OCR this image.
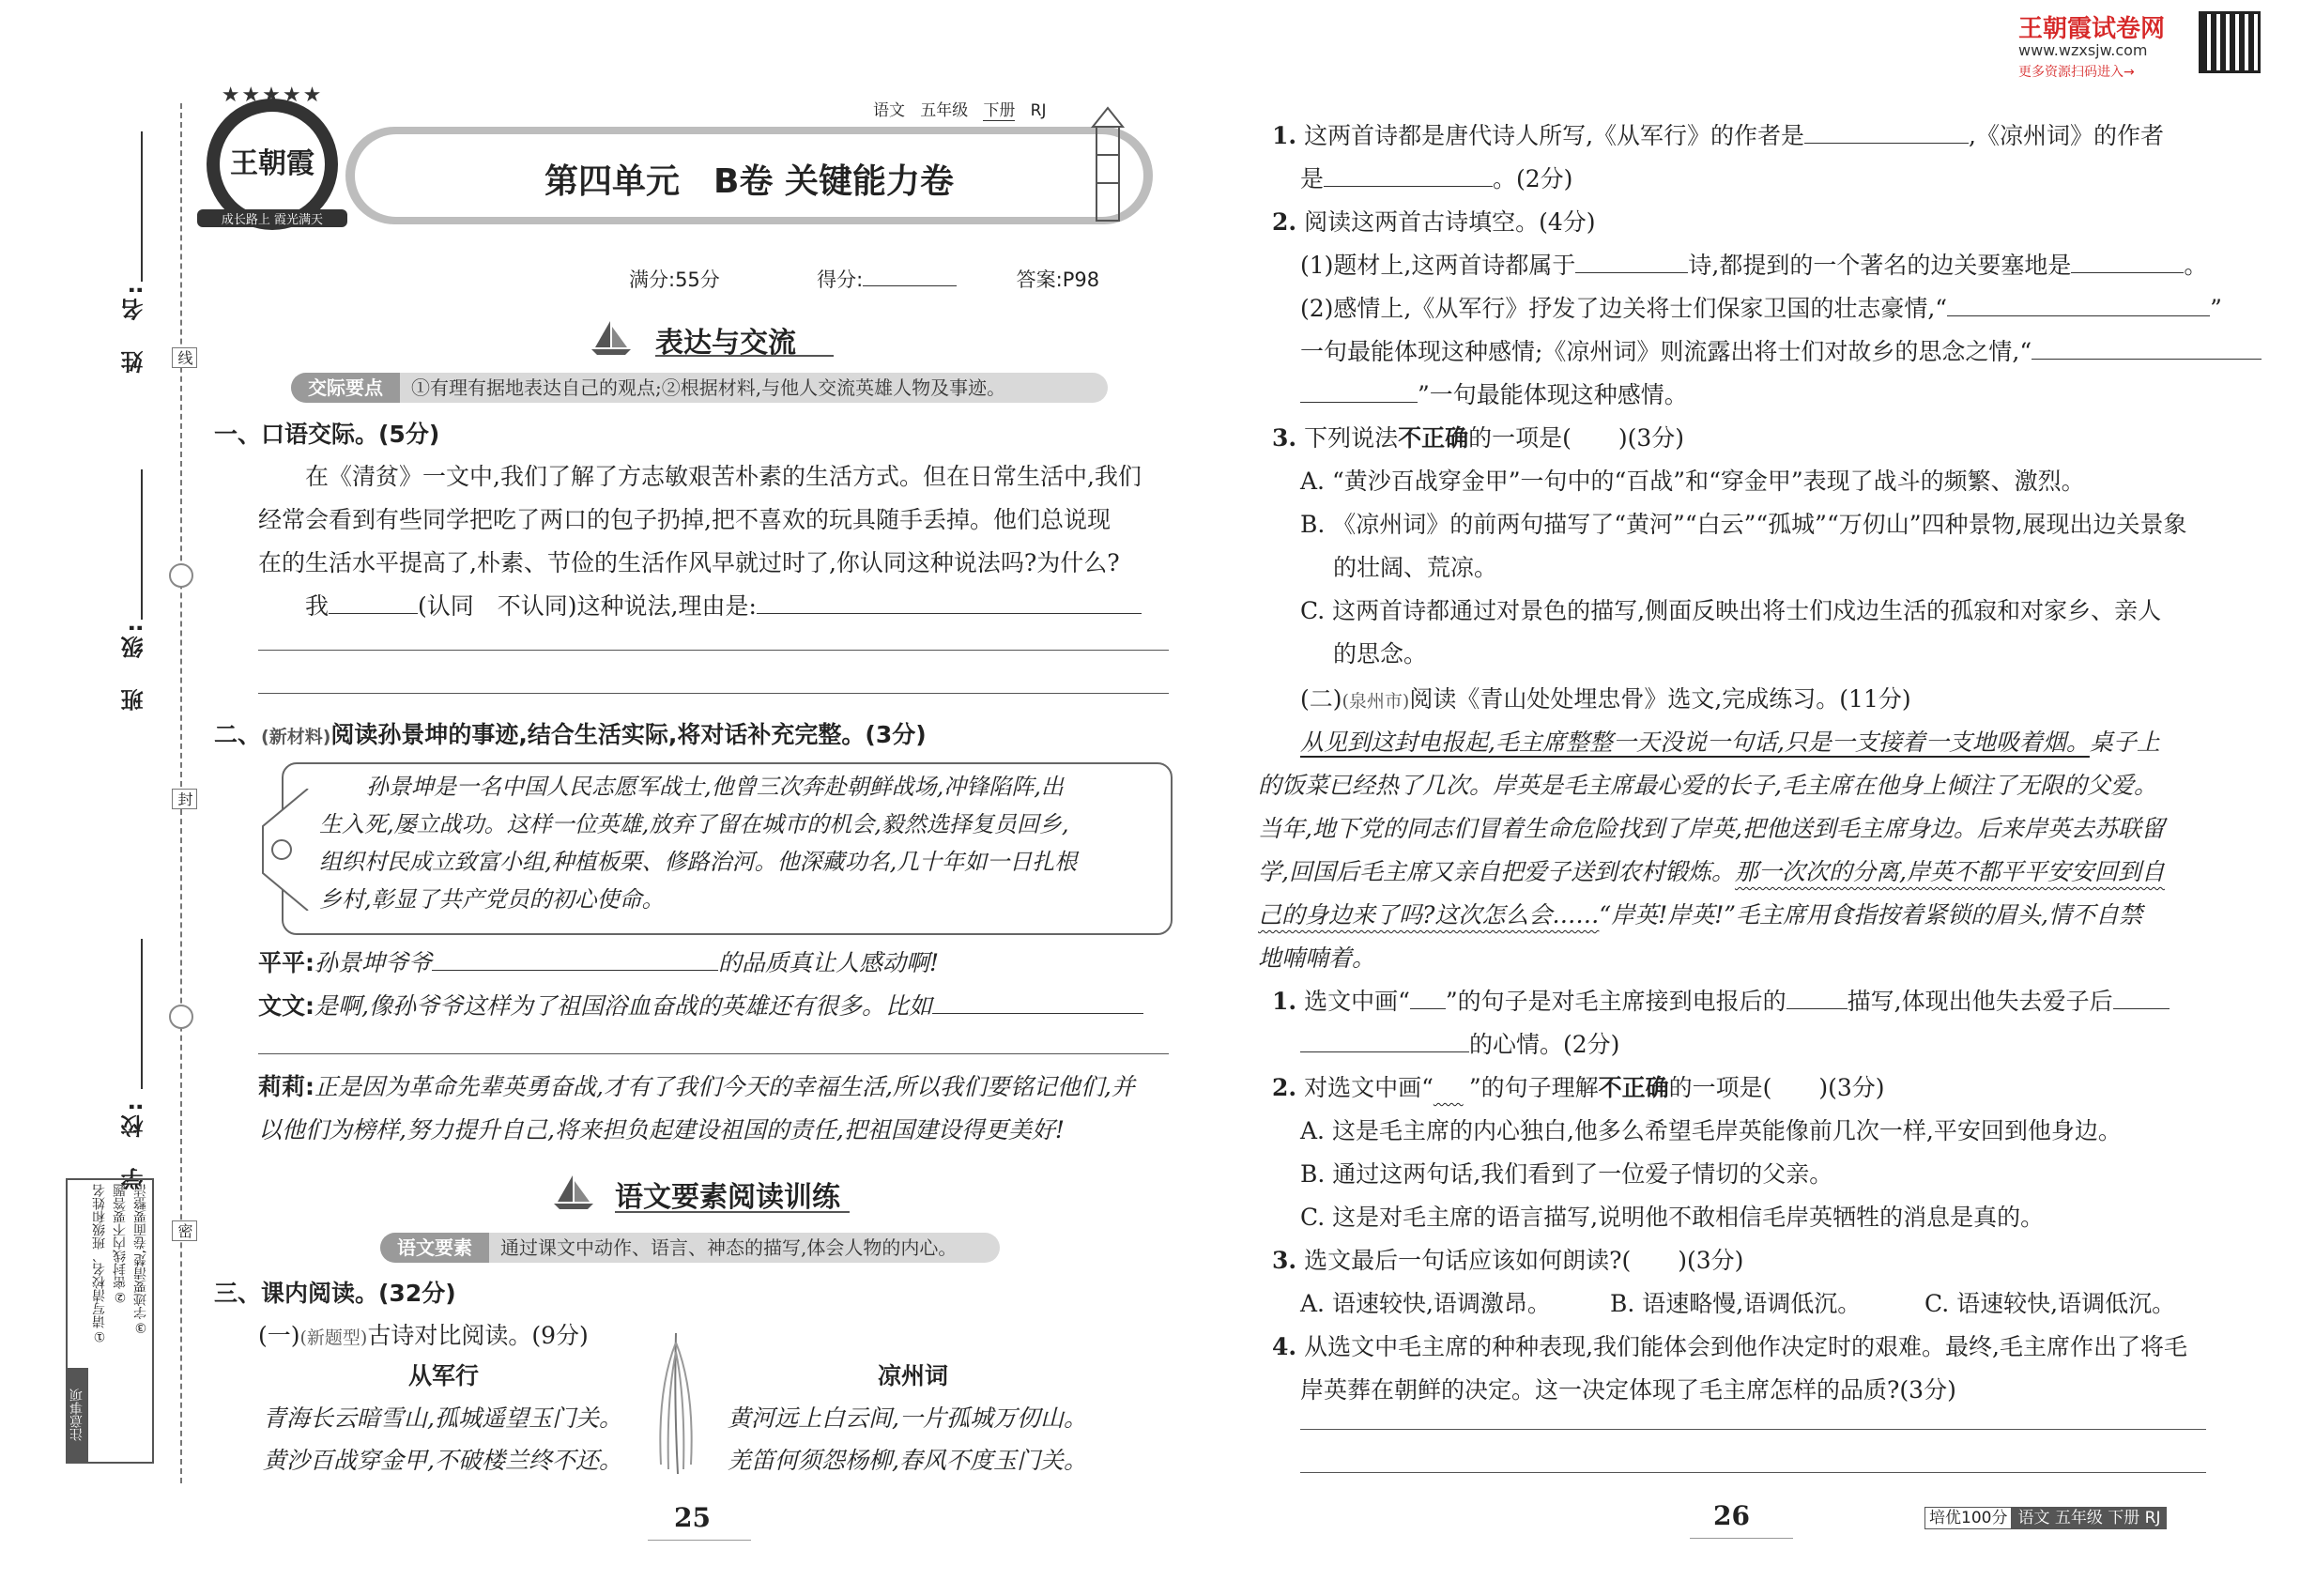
姓　名:
班　级:
学　校:
线
封
密
注意事项
①请写清校名、班级和姓名 ②密封线内不要答题 ③字迹要清楚,卷面要整洁
★★★★★
王朝霞
成长路上 霞光满天
第四单元　B卷 关键能力卷
语文 五年级 下册 RJ
满分:55分	得分:	答案:P98
表达与交流
交际要点 ①有理有据地表达自己的观点;②根据材料,与他人交流英雄人物及事迹。
一、口语交际。(5分)
在《清贫》一文中,我们了解了方志敏艰苦朴素的生活方式。但在日常生活中,我们
经常会看到有些同学把吃了两口的包子扔掉,把不喜欢的玩具随手丢掉。他们总说现
在的生活水平提高了,朴素、节俭的生活作风早就过时了,你认同这种说法吗?为什么?
我	(认同　不认同)这种说法,理由是:
二、(新材料)阅读孙景坤的事迹,结合生活实际,将对话补充完整。(3分)
孙景坤是一名中国人民志愿军战士,他曾三次奔赴朝鲜战场,冲锋陷阵,出
生入死,屡立战功。这样一位英雄,放弃了留在城市的机会,毅然选择复员回乡,
组织村民成立致富小组,种植板栗、修路治河。他深藏功名,几十年如一日扎根
乡村,彰显了共产党员的初心使命。
平平:孙景坤爷爷	的品质真让人感动啊!
文文:是啊,像孙爷爷这样为了祖国浴血奋战的英雄还有很多。比如
莉莉:正是因为革命先辈英勇奋战,才有了我们今天的幸福生活,所以我们要铭记他们,并
以他们为榜样,努力提升自己,将来担负起建设祖国的责任,把祖国建设得更美好!
语文要素阅读训练
语文要素 通过课文中动作、语言、神态的描写,体会人物的内心。
三、课内阅读。(32分)
(一)(新题型)古诗对比阅读。(9分)
从军行
青海长云暗雪山,孤城遥望玉门关。
黄沙百战穿金甲,不破楼兰终不还。
凉州词
黄河远上白云间,一片孤城万仞山。
羌笛何须怨杨柳,春风不度玉门关。
25
王朝霞试卷网
www.wzxsjw.com
更多资源扫码进入→
1. 这两首诗都是唐代诗人所写,《从军行》的作者是	,《凉州词》的作者
是	。(2分)
2. 阅读这两首古诗填空。(4分)
(1)题材上,这两首诗都属于	诗,都提到的一个著名的边关要塞地是	。
(2)感情上,《从军行》抒发了边关将士们保家卫国的壮志豪情,“	”
一句最能体现这种感情;《凉州词》则流露出将士们对故乡的思念之情,“
”一句最能体现这种感情。
3. 下列说法不正确的一项是(　　)(3分)
A. “黄沙百战穿金甲”一句中的“百战”和“穿金甲”表现了战斗的频繁、激烈。
B. 《凉州词》的前两句描写了“黄河”“白云”“孤城”“万仞山”四种景物,展现出边关景象
的壮阔、荒凉。
C. 这两首诗都通过对景色的描写,侧面反映出将士们戍边生活的孤寂和对家乡、亲人
的思念。
(二)(泉州市)阅读《青山处处埋忠骨》选文,完成练习。(11分)
从见到这封电报起,毛主席整整一天没说一句话,只是一支接着一支地吸着烟。桌子上
的饭菜已经热了几次。岸英是毛主席最心爱的长子,毛主席在他身上倾注了无限的父爱。
当年,地下党的同志们冒着生命危险找到了岸英,把他送到毛主席身边。后来岸英去苏联留
学,回国后毛主席又亲自把爱子送到农村锻炼。那一次次的分离,岸英不都平平安安回到自
己的身边来了吗?这次怎么会……“岸英!岸英!”毛主席用食指按着紧锁的眉头,情不自禁
地喃喃着。
1. 选文中画“ ”的句子是对毛主席接到电报后的	描写,体现出他失去爱子后
的心情。(2分)
2. 对选文中画“ ”的句子理解不正确的一项是(　　)(3分)
A. 这是毛主席的内心独白,他多么希望毛岸英能像前几次一样,平安回到他身边。
B. 通过这两句话,我们看到了一位爱子情切的父亲。
C. 这是对毛主席的语言描写,说明他不敢相信毛岸英牺牲的消息是真的。
3. 选文最后一句话应该如何朗读?(　　)(3分)
A. 语速较快,语调激昂。	B. 语速略慢,语调低沉。	C. 语速较快,语调低沉。
4. 从选文中毛主席的种种表现,我们能体会到他作决定时的艰难。最终,毛主席作出了将毛
岸英葬在朝鲜的决定。这一决定体现了毛主席怎样的品质?(3分)
26	培优100分 语文 五年级 下册 RJ
